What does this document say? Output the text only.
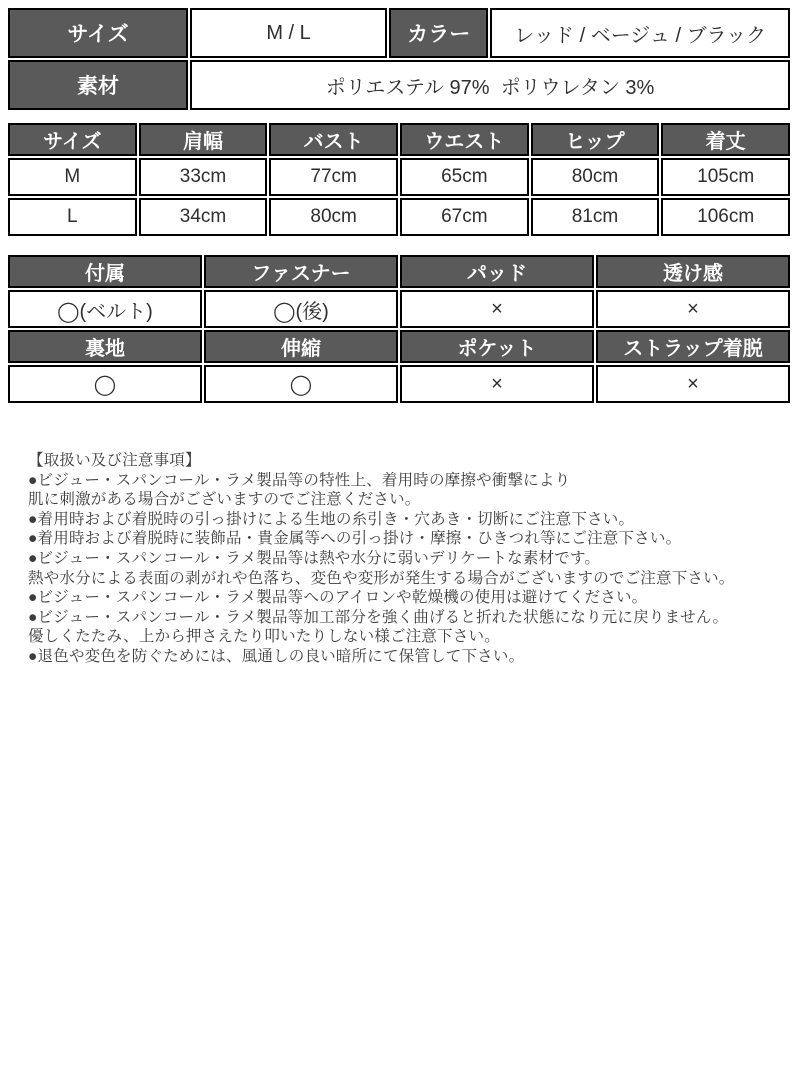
サイズ	M / L	カラー	レッド / ベージュ / ブラック
素材	ポリエステル 97%  ポリウレタン 3%		
サイズ	肩幅	バスト	ウエスト	ヒップ	着丈
M	33cm	77cm	65cm	80cm	105cm
L	34cm	80cm	67cm	81cm	106cm
付属	ファスナー	パッド	透け感
◯(ベルト)	◯(後)	×	×
裏地	伸縮	ポケット	ストラップ着脱
◯	◯	×	×
【取扱い及び注意事項】
●ビジュー・スパンコール・ラメ製品等の特性上、着用時の摩擦や衝撃により
肌に刺激がある場合がございますのでご注意ください。
●着用時および着脱時の引っ掛けによる生地の糸引き・穴あき・切断にご注意下さい。
●着用時および着脱時に装飾品・貴金属等への引っ掛け・摩擦・ひきつれ等にご注意下さい。
●ビジュー・スパンコール・ラメ製品等は熱や水分に弱いデリケートな素材です。
熱や水分による表面の剥がれや色落ち、変色や変形が発生する場合がございますのでご注意下さい。
●ビジュー・スパンコール・ラメ製品等へのアイロンや乾燥機の使用は避けてください。
●ビジュー・スパンコール・ラメ製品等加工部分を強く曲げると折れた状態になり元に戻りません。
優しくたたみ、上から押さえたり叩いたりしない様ご注意下さい。
●退色や変色を防ぐためには、風通しの良い暗所にて保管して下さい。
